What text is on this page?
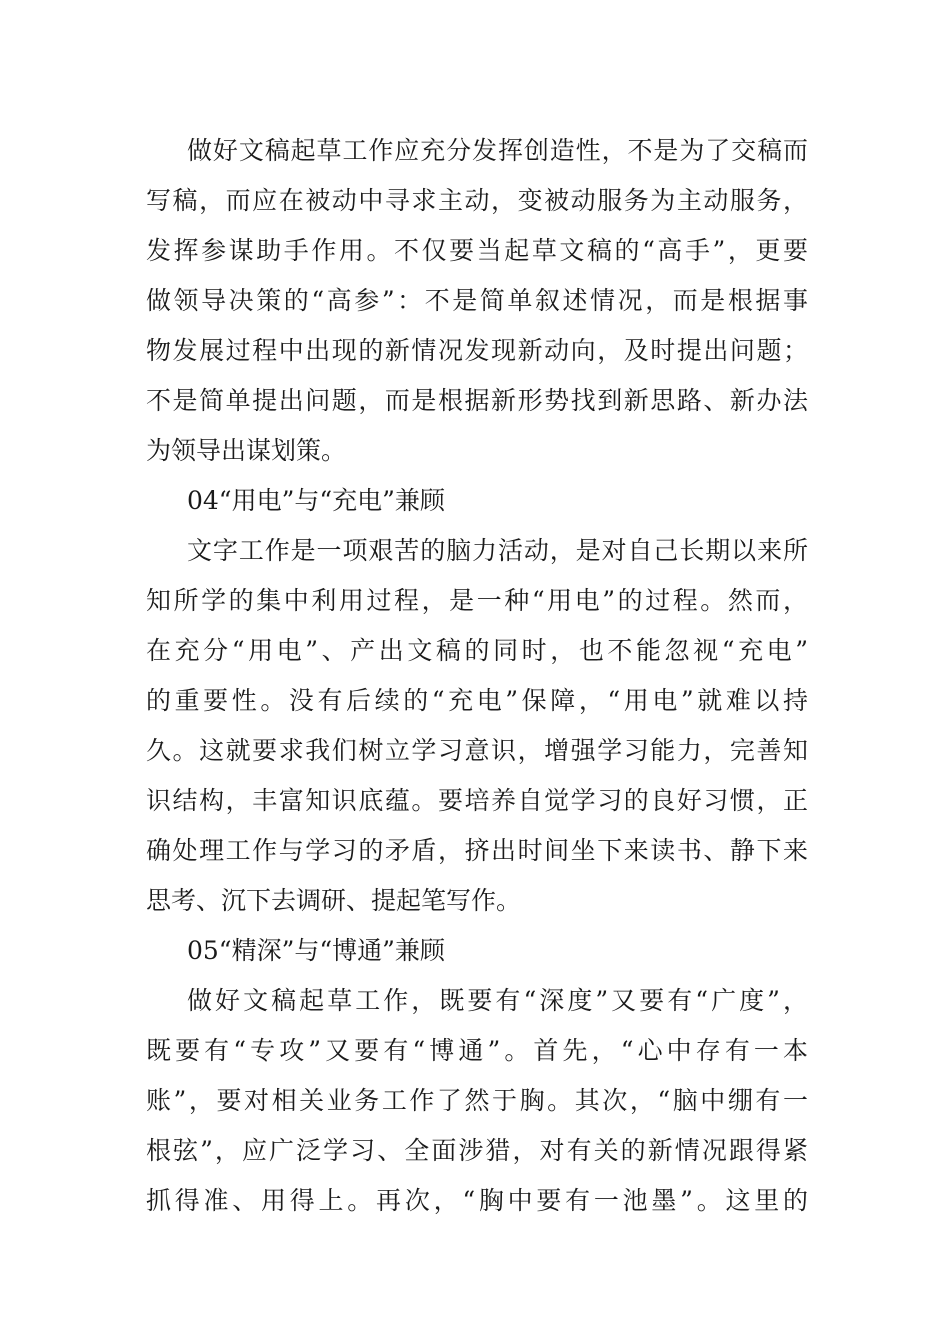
做好文稿起草工作应充分发挥创造性，不是为了交稿而
写稿，而应在被动中寻求主动，变被动服务为主动服务，
发挥参谋助手作用。不仅要当起草文稿的“高手”，更要
做领导决策的“高参”：不是简单叙述情况，而是根据事
物发展过程中出现的新情况发现新动向，及时提出问题；
不是简单提出问题，而是根据新形势找到新思路、新办法
为领导出谋划策。
04“用电”与“充电”兼顾
文字工作是一项艰苦的脑力活动，是对自己长期以来所
知所学的集中利用过程，是一种“用电”的过程。然而，
在充分“用电”、产出文稿的同时，也不能忽视“充电”
的重要性。没有后续的“充电”保障，“用电”就难以持
久。这就要求我们树立学习意识，增强学习能力，完善知
识结构，丰富知识底蕴。要培养自觉学习的良好习惯，正
确处理工作与学习的矛盾，挤出时间坐下来读书、静下来
思考、沉下去调研、提起笔写作。
05“精深”与“博通”兼顾
做好文稿起草工作，既要有“深度”又要有“广度”，
既要有“专攻”又要有“博通”。首先，“心中存有一本
账”，要对相关业务工作了然于胸。其次，“脑中绷有一
根弦”，应广泛学习、全面涉猎，对有关的新情况跟得紧
抓得准、用得上。再次，“胸中要有一池墨”。这里的
